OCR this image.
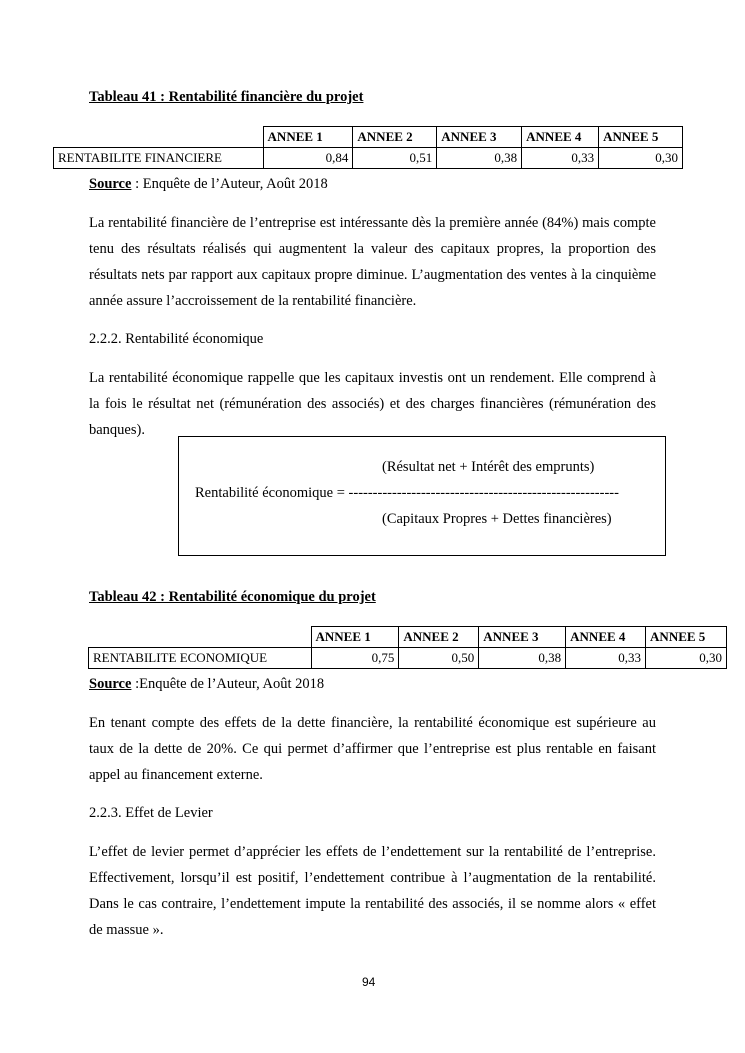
Tableau 41 : Rentabilité financière du projet
	ANNEE 1	ANNEE 2	ANNEE 3	ANNEE 4	ANNEE 5
RENTABILITE FINANCIERE	0,84	0,51	0,38	0,33	0,30
Source : Enquête de l’Auteur, Août 2018
La rentabilité financière de l’entreprise est intéressante dès la première année (84%) mais compte tenu des résultats réalisés qui augmentent la valeur des capitaux propres, la proportion des résultats nets par rapport aux capitaux propre diminue. L’augmentation des ventes à la cinquième année assure l’accroissement de la rentabilité financière.
2.2.2. Rentabilité économique
La rentabilité économique rappelle que les capitaux investis ont un rendement. Elle comprend à la fois le résultat net (rémunération des associés) et des charges financières (rémunération des banques).
(Résultat net + Intérêt des emprunts)
Rentabilité économique = --------------------------------------------------------
(Capitaux Propres + Dettes financières)
Tableau 42 : Rentabilité économique du projet
	ANNEE 1	ANNEE 2	ANNEE 3	ANNEE 4	ANNEE 5
RENTABILITE ECONOMIQUE	0,75	0,50	0,38	0,33	0,30
Source :Enquête de l’Auteur, Août 2018
En tenant compte des effets de la dette financière, la rentabilité économique est supérieure au taux de la dette de 20%. Ce qui permet d’affirmer que l’entreprise est plus rentable en faisant appel au financement externe.
2.2.3. Effet de Levier
L’effet de levier permet d’apprécier les effets de l’endettement sur la rentabilité de l’entreprise. Effectivement, lorsqu’il est positif, l’endettement contribue à l’augmentation de la rentabilité. Dans le cas contraire, l’endettement impute la rentabilité des associés, il se nomme alors « effet de massue ».
94
